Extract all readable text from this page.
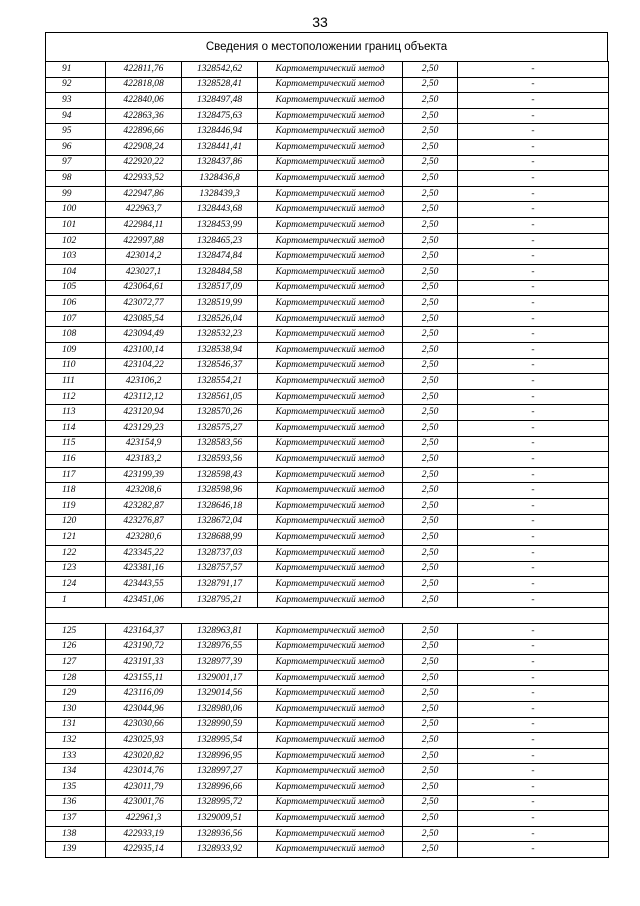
33
Сведения о местоположении границ объекта
91	422811,76	1328542,62	Картометрический метод	2,50	-
92	422818,08	1328528,41	Картометрический метод	2,50	-
93	422840,06	1328497,48	Картометрический метод	2,50	-
94	422863,36	1328475,63	Картометрический метод	2,50	-
95	422896,66	1328446,94	Картометрический метод	2,50	-
96	422908,24	1328441,41	Картометрический метод	2,50	-
97	422920,22	1328437,86	Картометрический метод	2,50	-
98	422933,52	1328436,8	Картометрический метод	2,50	-
99	422947,86	1328439,3	Картометрический метод	2,50	-
100	422963,7	1328443,68	Картометрический метод	2,50	-
101	422984,11	1328453,99	Картометрический метод	2,50	-
102	422997,88	1328465,23	Картометрический метод	2,50	-
103	423014,2	1328474,84	Картометрический метод	2,50	-
104	423027,1	1328484,58	Картометрический метод	2,50	-
105	423064,61	1328517,09	Картометрический метод	2,50	-
106	423072,77	1328519,99	Картометрический метод	2,50	-
107	423085,54	1328526,04	Картометрический метод	2,50	-
108	423094,49	1328532,23	Картометрический метод	2,50	-
109	423100,14	1328538,94	Картометрический метод	2,50	-
110	423104,22	1328546,37	Картометрический метод	2,50	-
111	423106,2	1328554,21	Картометрический метод	2,50	-
112	423112,12	1328561,05	Картометрический метод	2,50	-
113	423120,94	1328570,26	Картометрический метод	2,50	-
114	423129,23	1328575,27	Картометрический метод	2,50	-
115	423154,9	1328583,56	Картометрический метод	2,50	-
116	423183,2	1328593,56	Картометрический метод	2,50	-
117	423199,39	1328598,43	Картометрический метод	2,50	-
118	423208,6	1328598,96	Картометрический метод	2,50	-
119	423282,87	1328646,18	Картометрический метод	2,50	-
120	423276,87	1328672,04	Картометрический метод	2,50	-
121	423280,6	1328688,99	Картометрический метод	2,50	-
122	423345,22	1328737,03	Картометрический метод	2,50	-
123	423381,16	1328757,57	Картометрический метод	2,50	-
124	423443,55	1328791,17	Картометрический метод	2,50	-
1	423451,06	1328795,21	Картометрический метод	2,50	-

125	423164,37	1328963,81	Картометрический метод	2,50	-
126	423190,72	1328976,55	Картометрический метод	2,50	-
127	423191,33	1328977,39	Картометрический метод	2,50	-
128	423155,11	1329001,17	Картометрический метод	2,50	-
129	423116,09	1329014,56	Картометрический метод	2,50	-
130	423044,96	1328980,06	Картометрический метод	2,50	-
131	423030,66	1328990,59	Картометрический метод	2,50	-
132	423025,93	1328995,54	Картометрический метод	2,50	-
133	423020,82	1328996,95	Картометрический метод	2,50	-
134	423014,76	1328997,27	Картометрический метод	2,50	-
135	423011,79	1328996,66	Картометрический метод	2,50	-
136	423001,76	1328995,72	Картометрический метод	2,50	-
137	422961,3	1329009,51	Картометрический метод	2,50	-
138	422933,19	1328936,56	Картометрический метод	2,50	-
139	422935,14	1328933,92	Картометрический метод	2,50	-
